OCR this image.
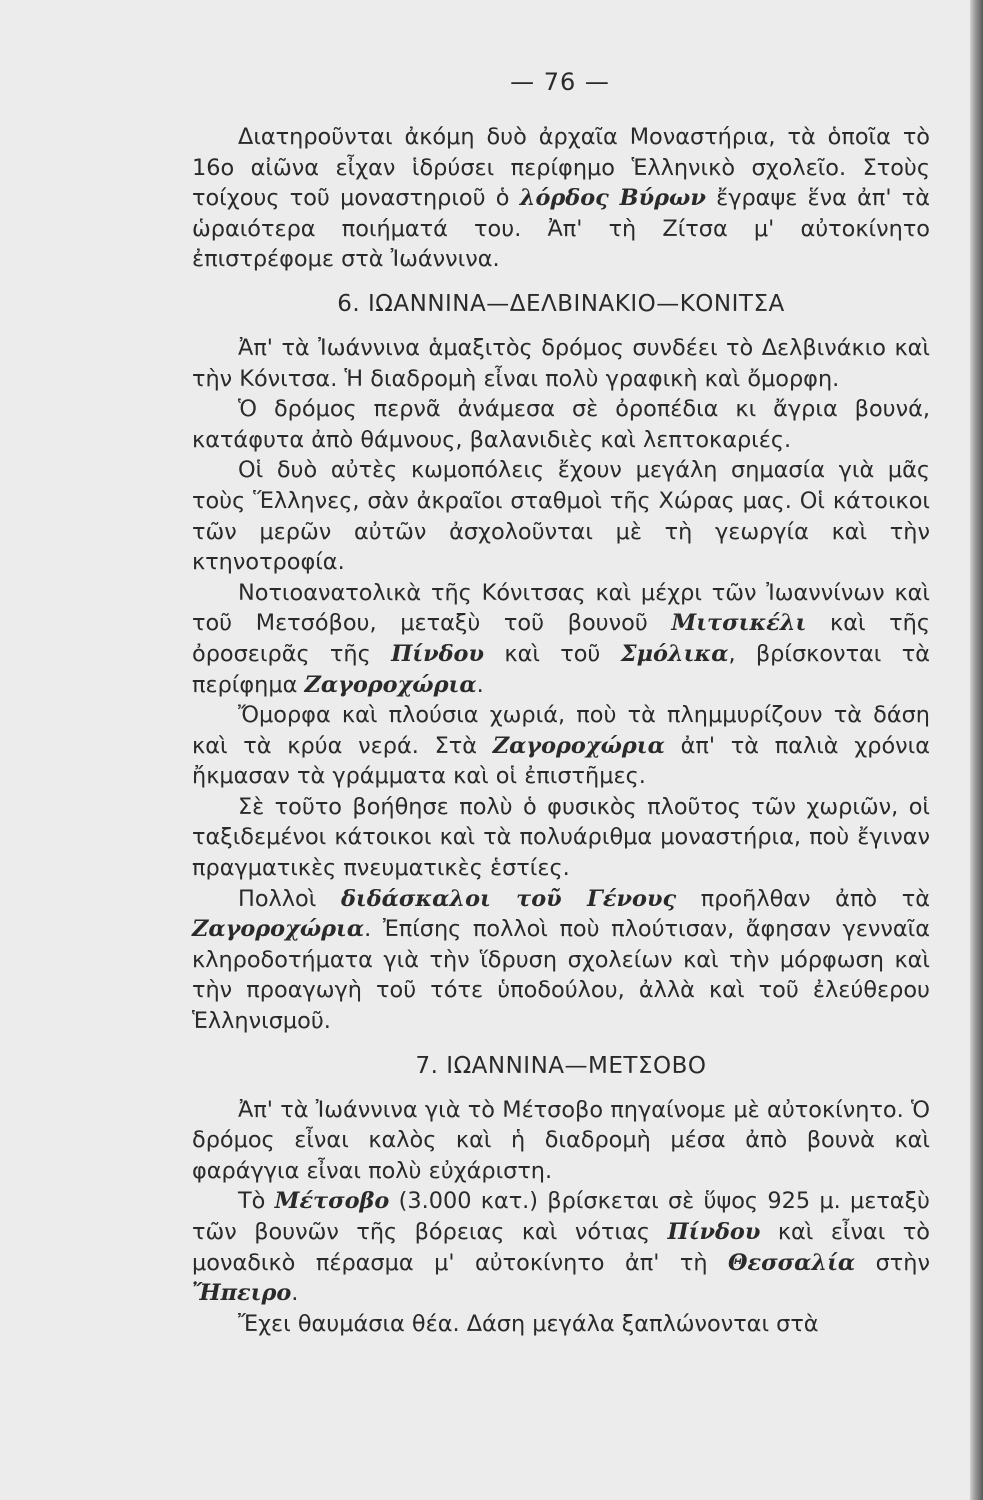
— 76 —

Διατηροῦνται ἀκόμη δυὸ ἀρχαῖα Μοναστήρια, τὰ ὁποῖα τὸ 16ο αἰῶνα εἶχαν ἱδρύσει περίφημο Ἑλληνικὸ σχολεῖο. Στοὺς τοίχους τοῦ μοναστηριοῦ ὁ λόρδος Βύρων ἔγραψε ἕνα ἀπ' τὰ ὡραιότερα ποιήματά του. Ἀπ' τὴ Ζίτσα μ' αὐτοκίνητο ἐπιστρέφομε στὰ Ἰωάννινα.

6. ΙΩΑΝΝΙΝΑ—ΔΕΛΒΙΝΑΚΙΟ—ΚΟΝΙΤΣΑ

Ἀπ' τὰ Ἰωάννινα ἁμαξιτὸς δρόμος συνδέει τὸ Δελβινάκιο καὶ τὴν Κόνιτσα. Ἡ διαδρομὴ εἶναι πολὺ γραφικὴ καὶ ὄμορφη.

Ὁ δρόμος περνᾶ ἀνάμεσα σὲ ὀροπέδια κι ἄγρια βουνά, κατάφυτα ἀπὸ θάμνους, βαλανιδιὲς καὶ λεπτοκαριές.

Οἱ δυὸ αὐτὲς κωμοπόλεις ἔχουν μεγάλη σημασία γιὰ μᾶς τοὺς Ἕλληνες, σὰν ἀκραῖοι σταθμοὶ τῆς Χώρας μας. Οἱ κάτοικοι τῶν μερῶν αὐτῶν ἀσχολοῦνται μὲ τὴ γεωργία καὶ τὴν κτηνοτροφία.

Νοτιοανατολικὰ τῆς Κόνιτσας καὶ μέχρι τῶν Ἰωαννίνων καὶ τοῦ Μετσόβου, μεταξὺ τοῦ βουνοῦ Μιτσικέλι καὶ τῆς ὀροσειρᾶς τῆς Πίνδου καὶ τοῦ Σμόλικα, βρίσκονται τὰ περίφημα Ζαγοροχώρια.

Ὄμορφα καὶ πλούσια χωριά, ποὺ τὰ πλημμυρίζουν τὰ δάση καὶ τὰ κρύα νερά. Στὰ Ζαγοροχώρια ἀπ' τὰ παλιὰ χρόνια ἤκμασαν τὰ γράμματα καὶ οἱ ἐπιστῆμες.

Σὲ τοῦτο βοήθησε πολὺ ὁ φυσικὸς πλοῦτος τῶν χωριῶν, οἱ ταξιδεμένοι κάτοικοι καὶ τὰ πολυάριθμα μοναστήρια, ποὺ ἔγιναν πραγματικὲς πνευματικὲς ἑστίες.

Πολλοὶ διδάσκαλοι τοῦ Γένους προῆλθαν ἀπὸ τὰ Ζαγοροχώρια. Ἐπίσης πολλοὶ ποὺ πλούτισαν, ἄφησαν γενναῖα κληροδοτήματα γιὰ τὴν ἵδρυση σχολείων καὶ τὴν μόρφωση καὶ τὴν προαγωγὴ τοῦ τότε ὑποδούλου, ἀλλὰ καὶ τοῦ ἐλεύθερου Ἑλληνισμοῦ.

7. ΙΩΑΝΝΙΝΑ—ΜΕΤΣΟΒΟ

Ἀπ' τὰ Ἰωάννινα γιὰ τὸ Μέτσοβο πηγαίνομε μὲ αὐτοκίνητο. Ὁ δρόμος εἶναι καλὸς καὶ ἡ διαδρομὴ μέσα ἀπὸ βουνὰ καὶ φαράγγια εἶναι πολὺ εὐχάριστη.

Τὸ Μέτσοβο (3.000 κατ.) βρίσκεται σὲ ὕψος 925 μ. μεταξὺ τῶν βουνῶν τῆς βόρειας καὶ νότιας Πίνδου καὶ εἶναι τὸ μοναδικὸ πέρασμα μ' αὐτοκίνητο ἀπ' τὴ Θεσσαλία στὴν Ἤπειρο.

Ἔχει θαυμάσια θέα. Δάση μεγάλα ξαπλώνονται στὰ
